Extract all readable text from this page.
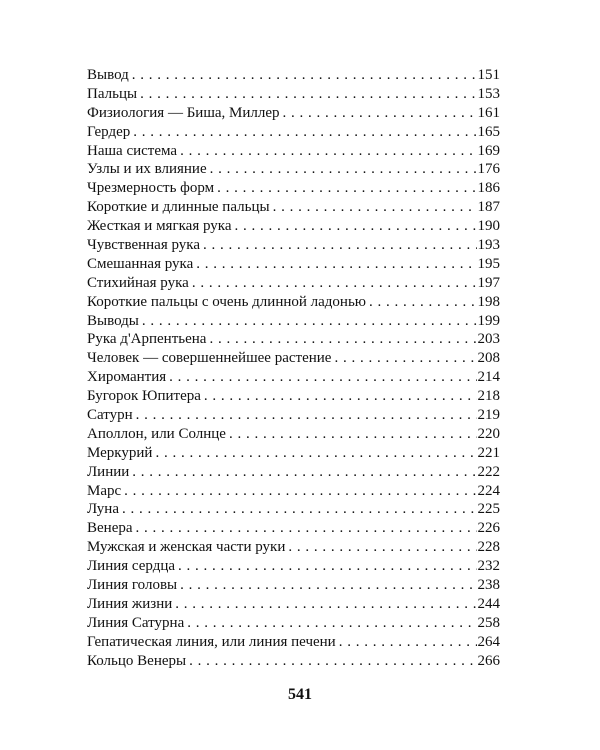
Вывод . . .	151
Пальцы . . .	153
Физиология — Биша, Миллер . . .	161
Гердер . . .	165
Наша система . . .	169
Узлы и их влияние . . .	176
Чрезмерность форм . . .	186
Короткие и длинные пальцы . . .	187
Жесткая и мягкая рука . . .	190
Чувственная рука . . .	193
Смешанная рука . . .	195
Стихийная рука . . .	197
Короткие пальцы с очень длинной ладонью . . .	198
Выводы . . .	199
Рука д'Арпентьена . . .	203
Человек — совершеннейшее растение . . .	208
Хиромантия . . .	214
Бугорок Юпитера . . .	218
Сатурн . . .	219
Аполлон, или Солнце . . .	220
Меркурий . . .	221
Линии . . .	222
Марс . . .	224
Луна . . .	225
Венера . . .	226
Мужская и женская части руки . . .	228
Линия сердца . . .	232
Линия головы . . .	238
Линия жизни . . .	244
Линия Сатурна . . .	258
Гепатическая линия, или линия печени . . .	264
Кольцо Венеры . . .	266
541
